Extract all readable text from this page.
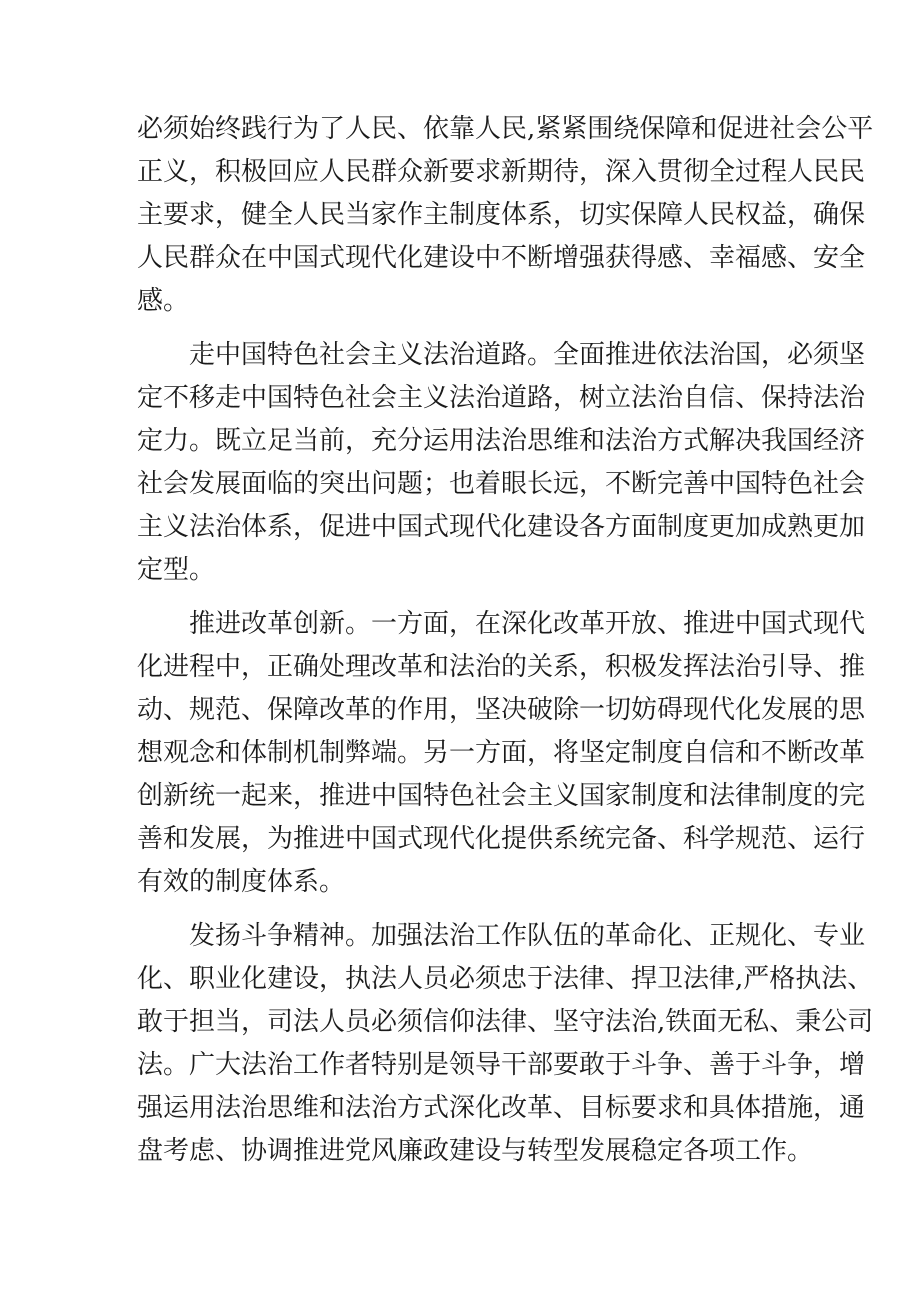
必须始终践行为了人民、依靠人民,紧紧围绕保障和促进社会公平
正义，积极回应人民群众新要求新期待，深入贯彻全过程人民民
主要求，健全人民当家作主制度体系，切实保障人民权益，确保
人民群众在中国式现代化建设中不断增强获得感、幸福感、安全
感。
走中国特色社会主义法治道路。全面推进依法治国，必须坚
定不移走中国特色社会主义法治道路，树立法治自信、保持法治
定力。既立足当前，充分运用法治思维和法治方式解决我国经济
社会发展面临的突出问题；也着眼长远，不断完善中国特色社会
主义法治体系，促进中国式现代化建设各方面制度更加成熟更加
定型。
推进改革创新。一方面，在深化改革开放、推进中国式现代
化进程中，正确处理改革和法治的关系，积极发挥法治引导、推
动、规范、保障改革的作用，坚决破除一切妨碍现代化发展的思
想观念和体制机制弊端。另一方面，将坚定制度自信和不断改革
创新统一起来，推进中国特色社会主义国家制度和法律制度的完
善和发展，为推进中国式现代化提供系统完备、科学规范、运行
有效的制度体系。
发扬斗争精神。加强法治工作队伍的革命化、正规化、专业
化、职业化建设，执法人员必须忠于法律、捍卫法律,严格执法、
敢于担当，司法人员必须信仰法律、坚守法治,铁面无私、秉公司
法。广大法治工作者特别是领导干部要敢于斗争、善于斗争，增
强运用法治思维和法治方式深化改革、目标要求和具体措施，通
盘考虑、协调推进党风廉政建设与转型发展稳定各项工作。
